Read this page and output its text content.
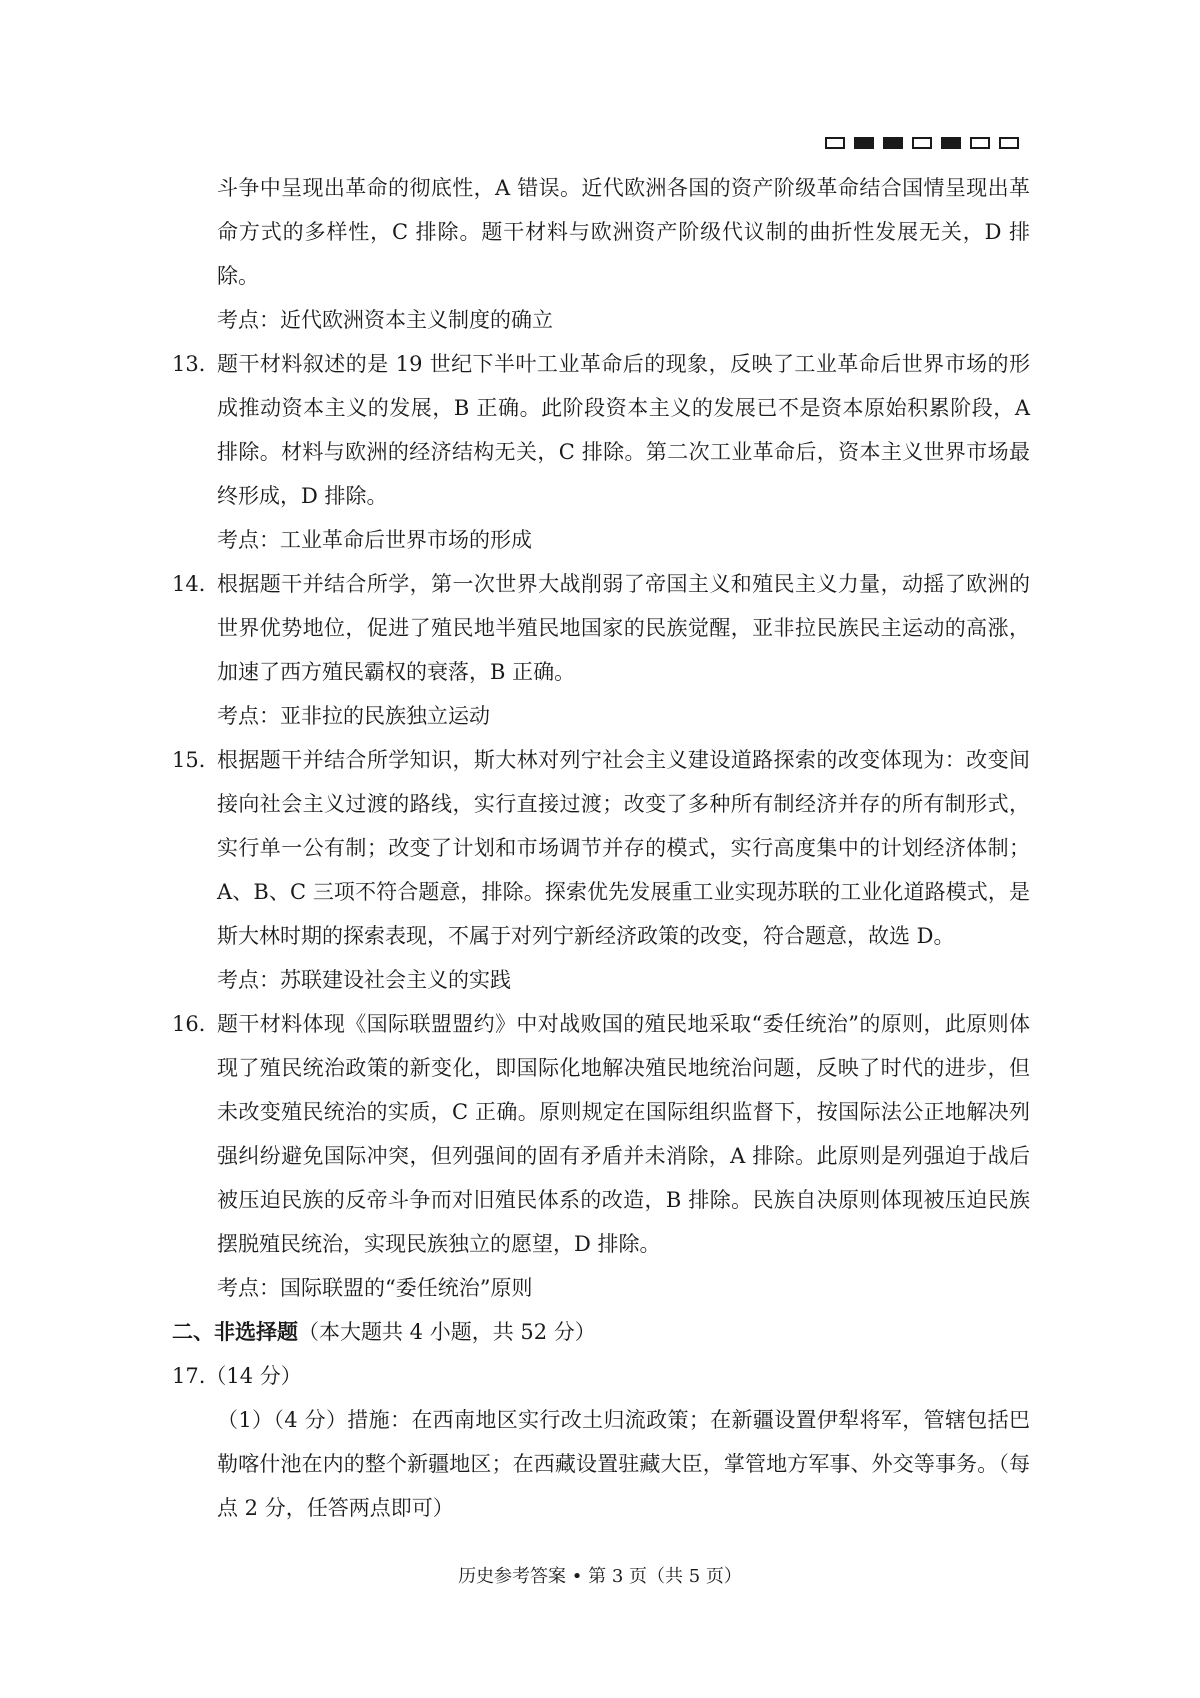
斗争中呈现出革命的彻底性，A 错误。近代欧洲各国的资产阶级革命结合国情呈现出革命方式的多样性，C 排除。题干材料与欧洲资产阶级代议制的曲折性发展无关，D 排除。

考点：近代欧洲资本主义制度的确立

13．

题干材料叙述的是 19 世纪下半叶工业革命后的现象，反映了工业革命后世界市场的形成推动资本主义的发展，B 正确。此阶段资本主义的发展已不是资本原始积累阶段，A 排除。材料与欧洲的经济结构无关，C 排除。第二次工业革命后，资本主义世界市场最终形成，D 排除。

考点：工业革命后世界市场的形成

14．

根据题干并结合所学，第一次世界大战削弱了帝国主义和殖民主义力量，动摇了欧洲的世界优势地位，促进了殖民地半殖民地国家的民族觉醒，亚非拉民族民主运动的高涨，加速了西方殖民霸权的衰落，B 正确。

考点：亚非拉的民族独立运动

15．

根据题干并结合所学知识，斯大林对列宁社会主义建设道路探索的改变体现为：改变间接向社会主义过渡的路线，实行直接过渡；改变了多种所有制经济并存的所有制形式，实行单一公有制；改变了计划和市场调节并存的模式，实行高度集中的计划经济体制；A、B、C 三项不符合题意，排除。探索优先发展重工业实现苏联的工业化道路模式，是斯大林时期的探索表现，不属于对列宁新经济政策的改变，符合题意，故选 D。

考点：苏联建设社会主义的实践

16．

题干材料体现《国际联盟盟约》中对战败国的殖民地采取“委任统治”的原则，此原则体现了殖民统治政策的新变化，即国际化地解决殖民地统治问题，反映了时代的进步，但未改变殖民统治的实质，C 正确。原则规定在国际组织监督下，按国际法公正地解决列强纠纷避免国际冲突，但列强间的固有矛盾并未消除，A 排除。此原则是列强迫于战后被压迫民族的反帝斗争而对旧殖民体系的改造，B 排除。民族自决原则体现被压迫民族摆脱殖民统治，实现民族独立的愿望，D 排除。

考点：国际联盟的“委任统治”原则

二、非选择题（本大题共 4 小题，共 52 分）

17.（14 分）

（1）（4 分）措施：在西南地区实行改土归流政策；在新疆设置伊犁将军，管辖包括巴勒喀什池在内的整个新疆地区；在西藏设置驻藏大臣，掌管地方军事、外交等事务。（每点 2 分，任答两点即可）

历史参考答案 • 第 3 页（共 5 页）
